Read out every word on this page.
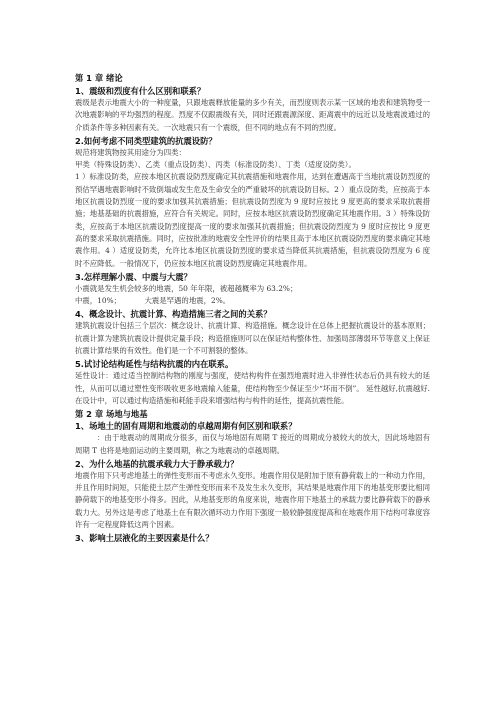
第 1 章 绪论

1、震级和烈度有什么区别和联系？

震级是表示地震大小的一种度量，只跟地震释放能量的多少有关，而烈度则表示某一区域的地表和建筑物受一次地震影响的平均强烈的程度。烈度不仅跟震级有关，同时还跟震源深度、距离震中的远近以及地震波通过的介质条件等多种因素有关。一次地震只有一个震级，但不同的地点有不同的烈度。

2.如何考虑不同类型建筑的抗震设防？

规范将建筑物按其用途分为四类：

甲类（特殊设防类）、乙类（重点设防类）、丙类（标准设防类）、丁类（适度设防类）。

1 ）标准设防类，应按本地区抗震设防烈度确定其抗震措施和地震作用，达到在遭遇高于当地抗震设防烈度的预估罕遇地震影响时不致倒塌或发生危及生命安全的严重破坏的抗震设防目标。2 ）重点设防类，应按高于本地区抗震设防烈度一度的要求加强其抗震措施；但抗震设防烈度为 9 度时应按比 9 度更高的要求采取抗震措施；地基基础的抗震措施，应符合有关规定。同时，应按本地区抗震设防烈度确定其地震作用。3 ）特殊设防类，应按高于本地区抗震设防烈度提高一度的要求加强其抗震措施；但抗震设防烈度为 9 度时应按比 9 度更高的要求采取抗震措施。同时，应按批准的地震安全性评价的结果且高于本地区抗震设防烈度的要求确定其地震作用。4 ）适度设防类，允许比本地区抗震设防烈度的要求适当降低其抗震措施，但抗震设防烈度为 6 度时不应降低。一般情况下，仍应按本地区抗震设防烈度确定其地震作用。

3.怎样理解小震、中震与大震？

小震就是发生机会较多的地震，50 年年限，被超越概率为 63.2%；

中震，10%；          大震是罕遇的地震，2%。

4、概念设计、抗震计算、构造措施三者之间的关系？

建筑抗震设计包括三个层次：概念设计、抗震计算、构造措施。概念设计在总体上把握抗震设计的基本原则；抗震计算为建筑抗震设计提供定量手段；构造措施则可以在保证结构整体性、加强局部薄弱环节等意义上保证抗震计算结果的有效性。他们是一个不可割裂的整体。

5.试讨论结构延性与结构抗震的内在联系。

延性设计：通过适当控制结构物的刚度与强度，使结构构件在强烈地震时进入非弹性状态后仍具有较大的延性，从而可以通过塑性变形吸收更多地震输入能量，使结构物至少保证至少“坏而不倒”。 延性越好,抗震越好.在设计中，可以通过构造措施和耗能手段来增强结构与构件的延性，提高抗震性能。

第 2 章 场地与地基

1、场地土的固有周期和地震动的卓越周期有何区别和联系？

：由于地震动的周期成分很多，而仅与场地固有周期 T 接近的周期成分被较大的放大，因此场地固有周期 T 也将是地面运动的主要周期，称之为地震动的卓越周期。

2、为什么地基的抗震承载力大于静承载力？

地震作用下只考虑地基土的弹性变形而不考虑永久变形。地震作用仅是附加于原有静荷载上的一种动力作用，并且作用时间短，只能使土层产生弹性变形而来不及发生永久变形，其结果是地震作用下的地基变形要比相同静荷载下的地基变形小得多。因此，从地基变形的角度来说，地震作用下地基土的承载力要比静荷载下的静承载力大。另外这是考虑了地基土在有限次循环动力作用下强度一般较静强度提高和在地震作用下结构可靠度容许有一定程度降低这两个因素。

3、影响土层液化的主要因素是什么？
